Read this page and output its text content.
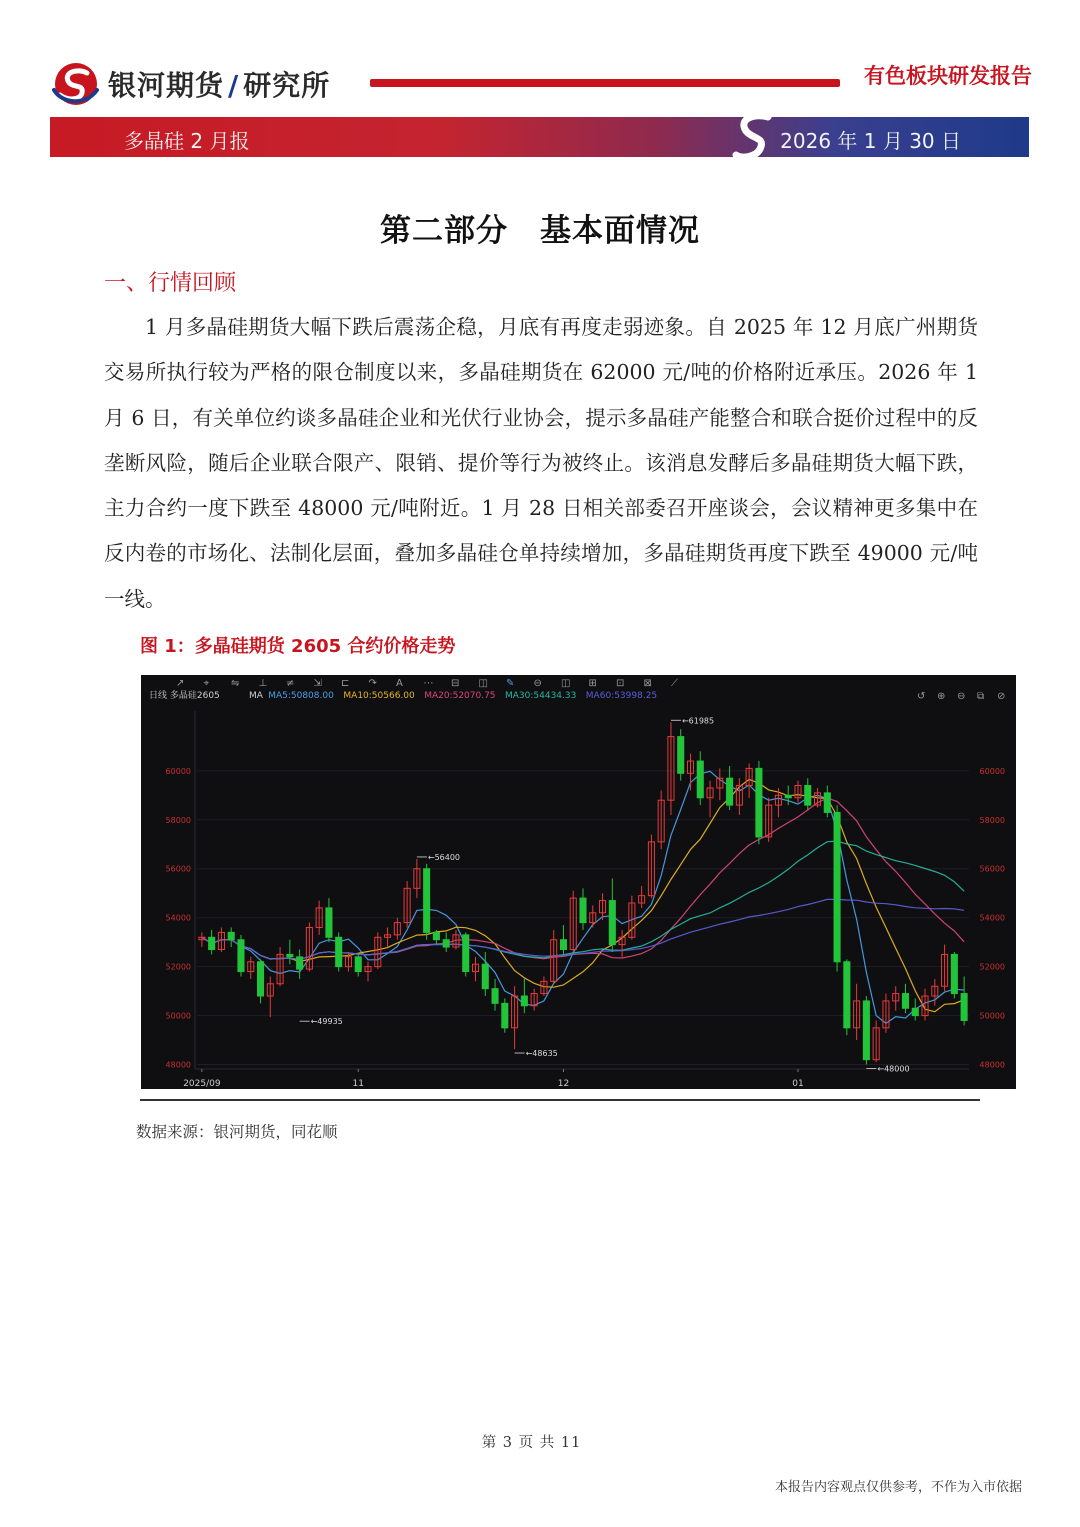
银河期货 / 研究所	有色板块研发报告
多晶硅 2 月报	2026 年 1 月 30 日
第二部分　基本面情况
一、行情回顾

1 月多晶硅期货大幅下跌后震荡企稳，月底有再度走弱迹象。自 2025 年 12 月底广州期货交易所执行较为严格的限仓制度以来，多晶硅期货在 62000 元/吨的价格附近承压。2026 年 1 月 6 日，有关单位约谈多晶硅企业和光伏行业协会，提示多晶硅产能整合和联合挺价过程中的反垄断风险，随后企业联合限产、限销、提价等行为被终止。该消息发酵后多晶硅期货大幅下跌，主力合约一度下跌至 48000 元/吨附近。1 月 28 日相关部委召开座谈会，会议精神更多集中在反内卷的市场化、法制化层面，叠加多晶硅仓单持续增加，多晶硅期货再度下跌至 49000 元/吨一线。

图 1：多晶硅期货 2605 合约价格走势
↗ ⌖ ⇋ ⊥ ≠ ⇲ ⊏ ↷ A ⋯ ⊟ ◫ ✎ ⊖ ◫ ⊞ ⊡ ⊠ ⟋
日线 多晶硅2605	MA MA5:50808.00 MA10:50566.00 MA20:52070.75 MA30:54434.33 MA60:53998.25	↺ ⊕ ⊖ ⧉ ⊘
60000	60000
58000	58000
56000	56000
54000	54000
52000	52000
50000	50000
48000	48000
2025/09	11	12	01
←61985
←56400
←49935
←48635
←48000
数据来源：银河期货，同花顺
第 3 页 共 11
本报告内容观点仅供参考，不作为入市依据
